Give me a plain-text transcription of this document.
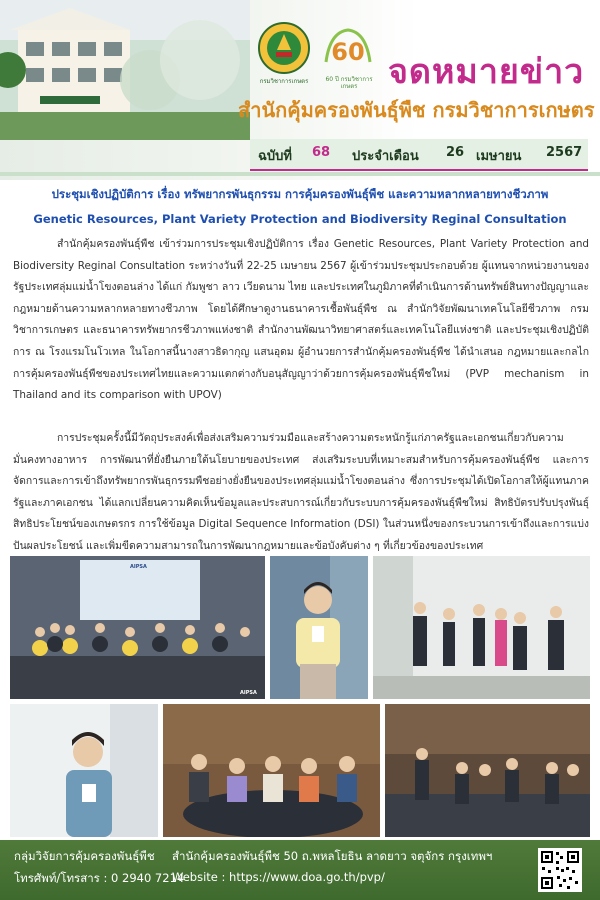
กรมวิชาการเกษตร
60
60 ปี กรมวิชาการเกษตร จดหมายข่าว
สำนักคุ้มครองพันธุ์พืช กรมวิชาการเกษตร
ฉบับที่ 68 ประจำเดือน 26 เมษายน 2567
ประชุมเชิงปฏิบัติการ เรื่อง ทรัพยากรพันธุกรรม การคุ้มครองพันธุ์พืช และความหลากหลายทางชีวภาพ
Genetic Resources, Plant Variety Protection and Biodiversity Reginal Consultation
สำนักคุ้มครองพันธุ์พืช เข้าร่วมการประชุมเชิงปฏิบัติการ เรื่อง Genetic Resources, Plant Variety Protection and Biodiversity Reginal Consultation ระหว่างวันที่ 22-25 เมษายน 2567 ผู้เข้าร่วมประชุมประกอบด้วย ผู้แทนจากหน่วยงานของรัฐประเทศลุ่มแม่น้ำโขงตอนล่าง ได้แก่ กัมพูชา ลาว เวียดนาม ไทย และประเทศในภูมิภาคที่ดำเนินการด้านทรัพย์สินทางปัญญาและกฎหมายด้านความหลากหลายทางชีวภาพ โดยได้ศึกษาดูงานธนาคารเชื้อพันธุ์พืช ณ สำนักวิจัยพัฒนาเทคโนโลยีชีวภาพ กรมวิชาการเกษตร และธนาคารทรัพยากรชีวภาพแห่งชาติ สำนักงานพัฒนาวิทยาศาสตร์และเทคโนโลยีแห่งชาติ และประชุมเชิงปฏิบัติการ ณ โรงแรมโนโวเทล ในโอกาสนี้นางสาวธิดากุญ แสนอุดม ผู้อำนวยการสำนักคุ้มครองพันธุ์พืช ได้นำเสนอ กฎหมายและกลไกการคุ้มครองพันธุ์พืชของประเทศไทยและความแตกต่างกับอนุสัญญาว่าด้วยการคุ้มครองพันธุ์พืชใหม่ (PVP mechanism in Thailand and its comparison with UPOV)
การประชุมครั้งนี้มีวัตถุประสงค์เพื่อส่งเสริมความร่วมมือและสร้างความตระหนักรู้แก่ภาครัฐและเอกชนเกี่ยวกับความมั่นคงทางอาหาร การพัฒนาที่ยั่งยืนภายใต้นโยบายของประเทศ ส่งเสริมระบบที่เหมาะสมสำหรับการคุ้มครองพันธุ์พืช และการจัดการและการเข้าถึงทรัพยากรพันธุกรรมพืชอย่างยั่งยืนของประเทศลุ่มแม่น้ำโขงตอนล่าง ซึ่งการประชุมได้เปิดโอกาสให้ผู้แทนภาครัฐและภาคเอกชน ได้แลกเปลี่ยนความคิดเห็นข้อมูลและประสบการณ์เกี่ยวกับระบบการคุ้มครองพันธุ์พืชใหม่ สิทธิบัตรปรับปรุงพันธุ์ สิทธิประโยชน์ของเกษตรกร การใช้ข้อมูล Digital Sequence Information (DSI) ในส่วนหนึ่งของกระบวนการเข้าถึงและการแบ่งปันผลประโยชน์ และเพิ่มขีดความสามารถในการพัฒนากฎหมายและข้อบังคับต่าง ๆ ที่เกี่ยวข้องของประเทศ
AIPSA
AIPSA
กลุ่มวิจัยการคุ้มครองพันธุ์พืช
โทรศัพท์/โทรสาร : 0 2940 7214
สำนักคุ้มครองพันธุ์พืช 50 ถ.พหลโยธิน ลาดยาว จตุจักร กรุงเทพฯ
Website : https://www.doa.go.th/pvp/
